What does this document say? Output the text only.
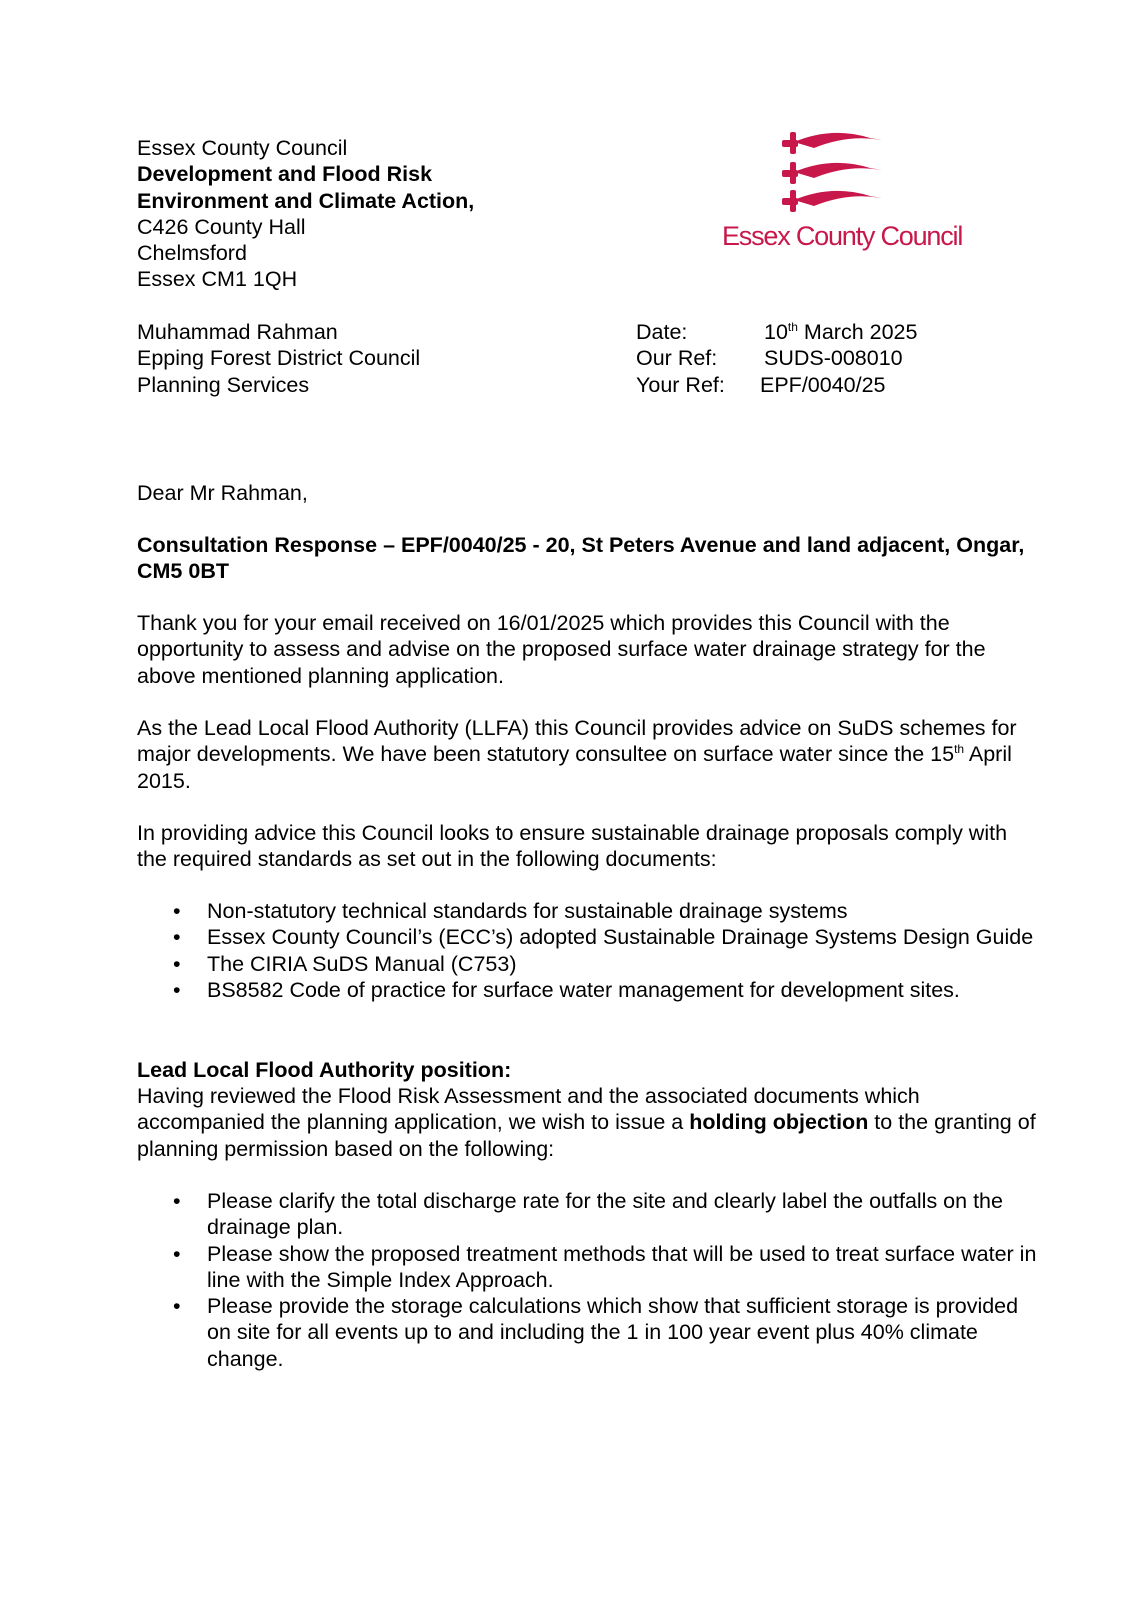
Essex County Council

Development and Flood Risk

Environment and Climate Action,

C426 County Hall

Chelmsford

Essex CM1 1QH

Essex County Council

Muhammad Rahman

Epping Forest District Council

Planning Services

Date:	10th March 2025
Our Ref:	SUDS-008010
Your Ref:	EPF/0040/25
Dear Mr Rahman,
Consultation Response – EPF/0040/25 - 20, St Peters Avenue and land adjacent, Ongar, CM5 0BT
Thank you for your email received on 16/01/2025 which provides this Council with the opportunity to assess and advise on the proposed surface water drainage strategy for the above mentioned planning application.
As the Lead Local Flood Authority (LLFA) this Council provides advice on SuDS schemes for major developments. We have been statutory consultee on surface water since the 15th April 2015.
In providing advice this Council looks to ensure sustainable drainage proposals comply with the required standards as set out in the following documents:
• Non-statutory technical standards for sustainable drainage systems
• Essex County Council’s (ECC’s) adopted Sustainable Drainage Systems Design Guide
• The CIRIA SuDS Manual (C753)
• BS8582 Code of practice for surface water management for development sites.
Lead Local Flood Authority position:
Having reviewed the Flood Risk Assessment and the associated documents which accompanied the planning application, we wish to issue a holding objection to the granting of planning permission based on the following:
• Please clarify the total discharge rate for the site and clearly label the outfalls on the drainage plan.
• Please show the proposed treatment methods that will be used to treat surface water in line with the Simple Index Approach.
• Please provide the storage calculations which show that sufficient storage is provided on site for all events up to and including the 1 in 100 year event plus 40% climate change.
